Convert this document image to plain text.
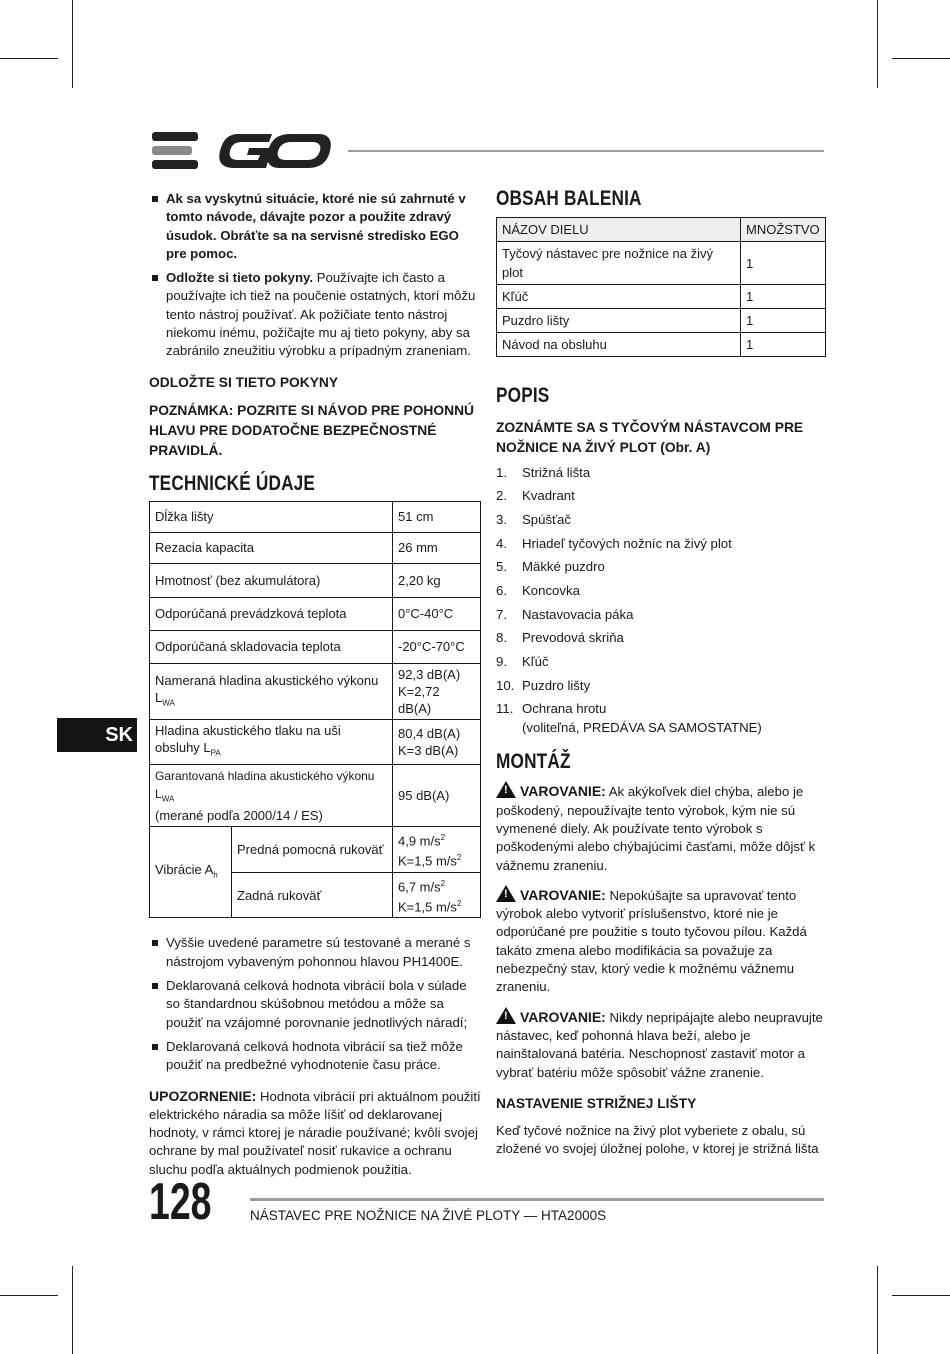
Ak sa vyskytnú situácie, ktoré nie sú zahrnuté v tomto návode, dávajte pozor a použite zdravý úsudok. Obráťte sa na servisné stredisko EGO pre pomoc.
Odložte si tieto pokyny. Používajte ich často a používajte ich tiež na poučenie ostatných, ktorí môžu tento nástroj používať. Ak požičiate tento nástroj niekomu inému, požičajte mu aj tieto pokyny, aby sa zabránilo zneužitiu výrobku a prípadným zraneniam.

ODLOŽTE SI TIETO POKYNY

POZNÁMKA: POZRITE SI NÁVOD PRE POHONNÚ HLAVU PRE DODATOČNE BEZPEČNOSTNÉ PRAVIDLÁ.

TECHNICKÉ ÚDAJE

Dĺžka lišty		51 cm
Rezacia kapacita		26 mm
Hmotnosť (bez akumulátora)		2,20 kg
Odporúčaná prevádzková teplota		0°C-40°C
Odporúčaná skladovacia teplota		-20°C-70°C
Nameraná hladina akustického výkonu $L_{WA}$		92,3 dB(A)
K=2,72 dB(A)

Hladina akustického tlaku na uši obsluhy $L_{PA}$		80,4 dB(A)
K=3 dB(A)

Garantovaná hladina akustického výkonu $L_{WA}$
(merané podľa 2000/14 / ES)		95 dB(A)
Vibrácie $A_h$	Predná pomocná rukoväť	4,9 $m/s^2$
K=1,5 $m/s^2$

	Zadná rukoväť	6,7 $m/s^2$
K=1,5 $m/s^2$
Vyššie uvedené parametre sú testované a merané s nástrojom vybaveným pohonnou hlavou PH1400E.
Deklarovaná celková hodnota vibrácií bola v súlade so štandardnou skúšobnou metódou a môže sa použiť na vzájomné porovnanie jednotlivých náradí;
Deklarovaná celková hodnota vibrácií sa tiež môže použiť na predbežné vyhodnotenie času práce.

UPOZORNENIE: Hodnota vibrácií pri aktuálnom použití elektrického náradia sa môže líšiť od deklarovanej hodnoty, v rámci ktorej je náradie používané; kvôli svojej ochrane by mal používateľ nosiť rukavice a ochranu sluchu podľa aktuálnych podmienok použitia.

OBSAH BALENIA

NÁZOV DIELU	MNOŽSTVO
Tyčový nástavec pre nožnice na živý plot	1
Kľúč	1
Puzdro lišty	1
Návod na obsluhu	1

POPIS

ZOZNÁMTE SA S TYČOVÝM NÁSTAVCOM PRE NOŽNICE NA ŽIVÝ PLOT (Obr. A)

1.	Strižná lišta
2.	Kvadrant
3.	Spúšťač
4.	Hriadeľ tyčových nožníc na živý plot
5.	Mäkké puzdro
6.	Koncovka
7.	Nastavovacia páka
8.	Prevodová skriňa
9.	Kľúč
10. Puzdro lišty
11. Ochrana hrotu
(voliteľná, PREDÁVA SA SAMOSTATNE)

MONTÁŽ

!VAROVANIE: Ak akýkoľvek diel chýba, alebo je poškodený, nepoužívajte tento výrobok, kým nie sú vymenené diely. Ak používate tento výrobok s poškodenými alebo chýbajúcimi časťami, môže dôjsť k vážnemu zraneniu.

!VAROVANIE: Nepokúšajte sa upravovať tento výrobok alebo vytvoriť príslušenstvo, ktoré nie je odporúčané pre použitie s touto tyčovou pílou. Každá takáto zmena alebo modifikácia sa považuje za nebezpečný stav, ktorý vedie k možnému vážnemu zraneniu.

!VAROVANIE: Nikdy nepripájajte alebo neupravujte nástavec, keď pohonná hlava beží, alebo je nainštalovaná batéria. Neschopnosť zastaviť motor a vybrať batériu môže spôsobiť vážne zranenie.

NASTAVENIE STRIŽNEJ LIŠTY

Keď tyčové nožnice na živý plot vyberiete z obalu, sú zložené vo svojej úložnej polohe, v ktorej je strižná lišta

SK
128	NÁSTAVEC PRE NOŽNICE NA ŽIVÉ PLOTY — HTA2000S
